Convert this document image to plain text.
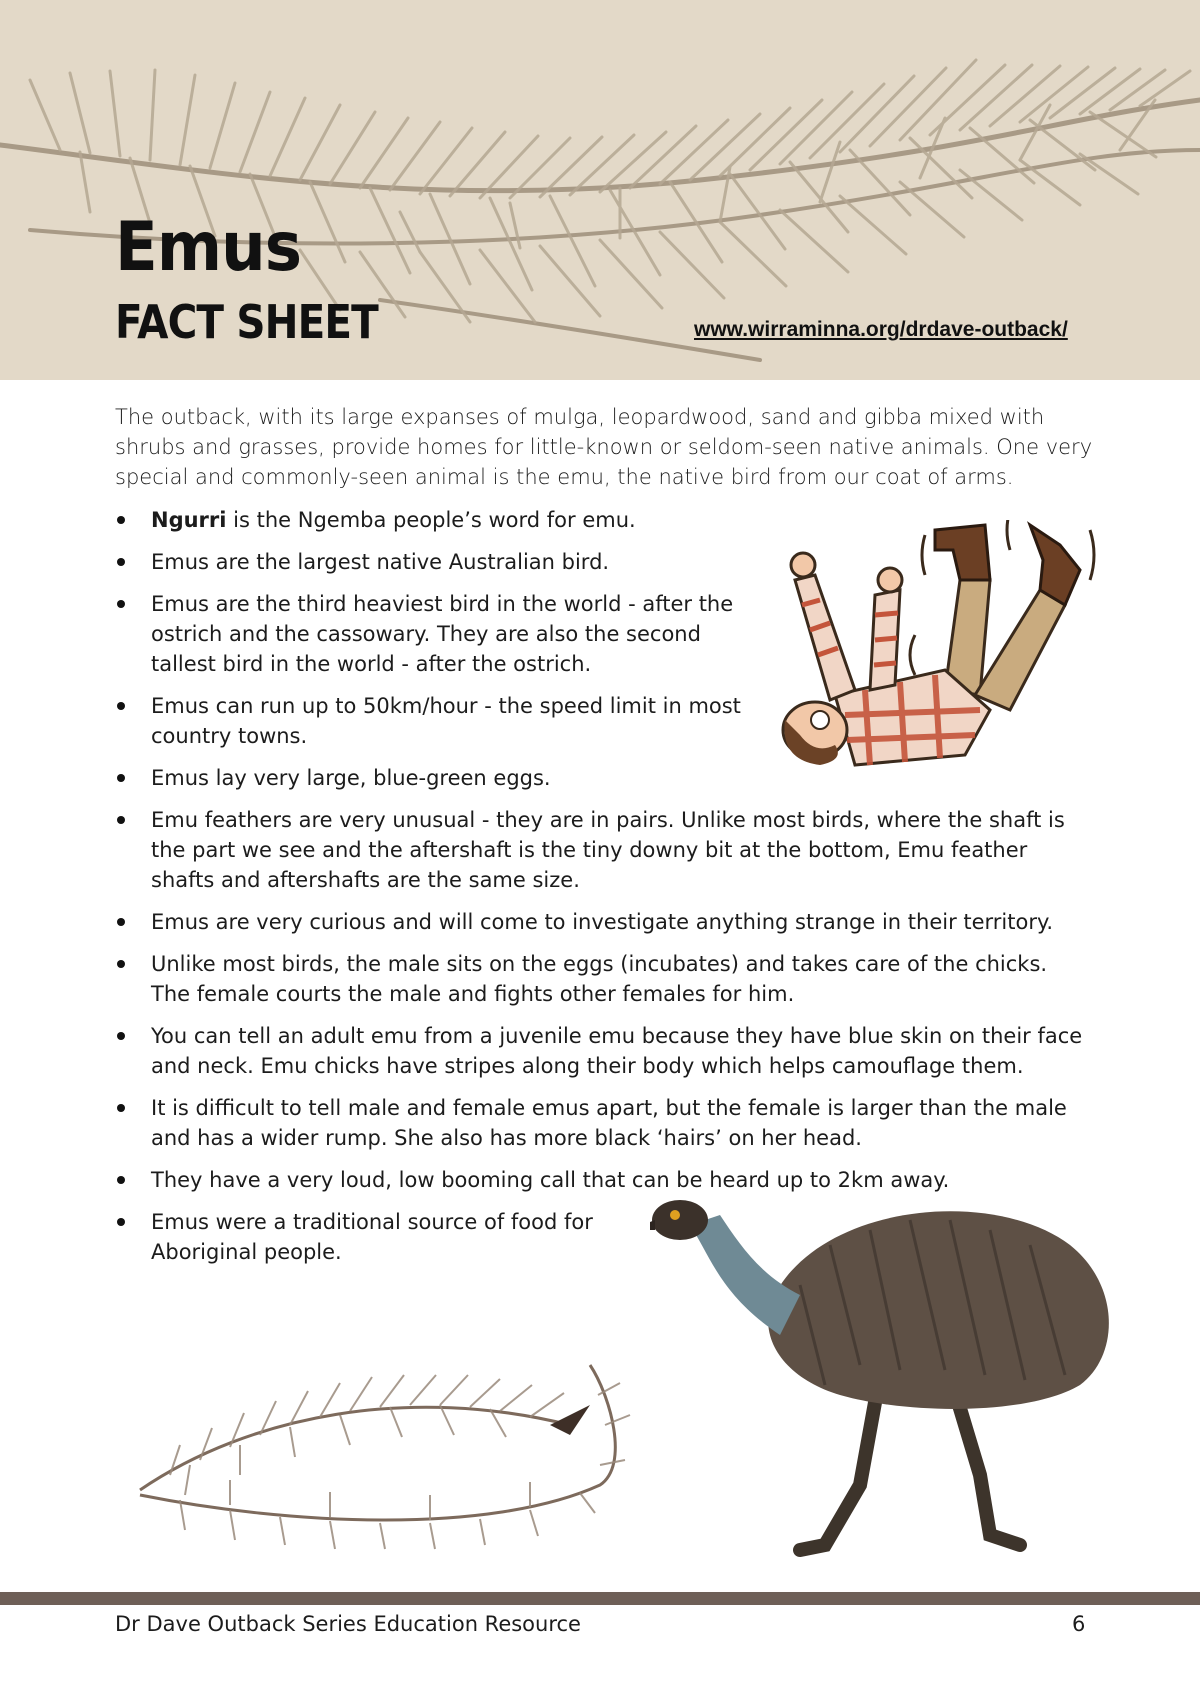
Emus
FACT SHEET	www.wirraminna.org/drdave-outback/

The outback, with its large expanses of mulga, leopardwood, sand and gibba mixed with shrubs and grasses, provide homes for little-known or seldom-seen native animals. One very special and commonly-seen animal is the emu, the native bird from our coat of arms.

Ngurri is the Ngemba people’s word for emu.
Emus are the largest native Australian bird.
Emus are the third heaviest bird in the world - after the ostrich and the cassowary. They are also the second tallest bird in the world - after the ostrich.
Emus can run up to 50km/hour - the speed limit in most country towns.
Emus lay very large, blue-green eggs.
Emu feathers are very unusual - they are in pairs. Unlike most birds, where the shaft is the part we see and the aftershaft is the tiny downy bit at the bottom, Emu feather shafts and aftershafts are the same size.
Emus are very curious and will come to investigate anything strange in their territory.
Unlike most birds, the male sits on the eggs (incubates) and takes care of the chicks. The female courts the male and fights other females for him.
You can tell an adult emu from a juvenile emu because they have blue skin on their face and neck. Emu chicks have stripes along their body which helps camouflage them.
It is difficult to tell male and female emus apart, but the female is larger than the male and has a wider rump. She also has more black ‘hairs’ on her head.
They have a very loud, low booming call that can be heard up to 2km away.
Emus were a traditional source of food for Aboriginal people.
Dr Dave Outback Series Education Resource	6
